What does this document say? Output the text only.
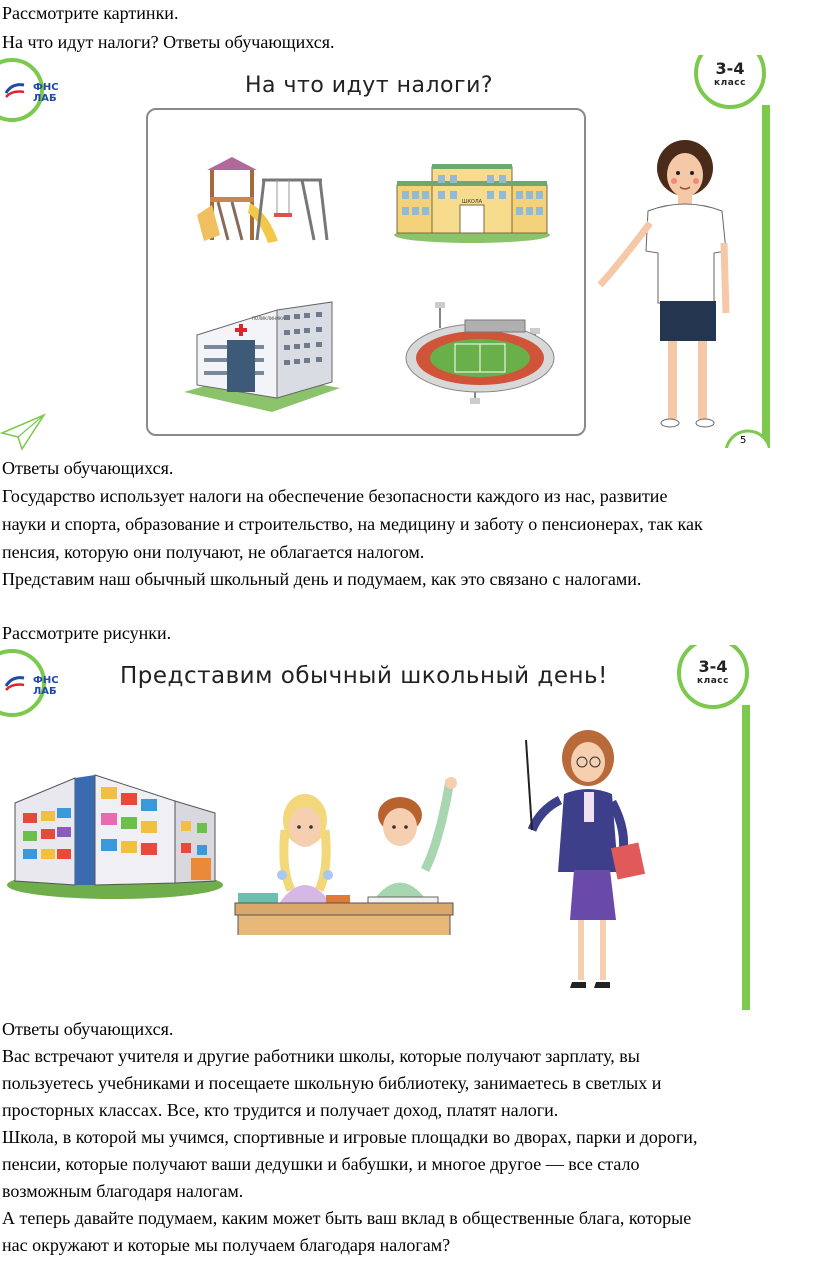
Рассмотрите картинки.
На что идут налоги? Ответы обучающихся.
ФНС
ЛАБ
На что идут налоги?
3-4
класс
5
ШКОЛА
ПОЛИКЛИНИКА
Ответы обучающихся.
Государство использует налоги на обеспечение безопасности каждого из нас, развитие
науки и спорта, образование и строительство, на медицину и заботу о пенсионерах, так как
пенсия, которую они получают, не облагается налогом.
Представим наш обычный школьный день и подумаем, как это связано с налогами.
Рассмотрите рисунки.
ФНС
ЛАБ
Представим обычный школьный день!	3-4
класс
Ответы обучающихся.
Вас встречают учителя и другие работники школы, которые получают зарплату, вы
пользуетесь учебниками и посещаете школьную библиотеку, занимаетесь в светлых и
просторных классах. Все, кто трудится и получает доход, платят налоги.
Школа, в которой мы учимся, спортивные и игровые площадки во дворах, парки и дороги,
пенсии, которые получают ваши дедушки и бабушки, и многое другое — все стало
возможным благодаря налогам.
А теперь давайте подумаем, каким может быть ваш вклад в общественные блага, которые
нас окружают и которые мы получаем благодаря налогам?
